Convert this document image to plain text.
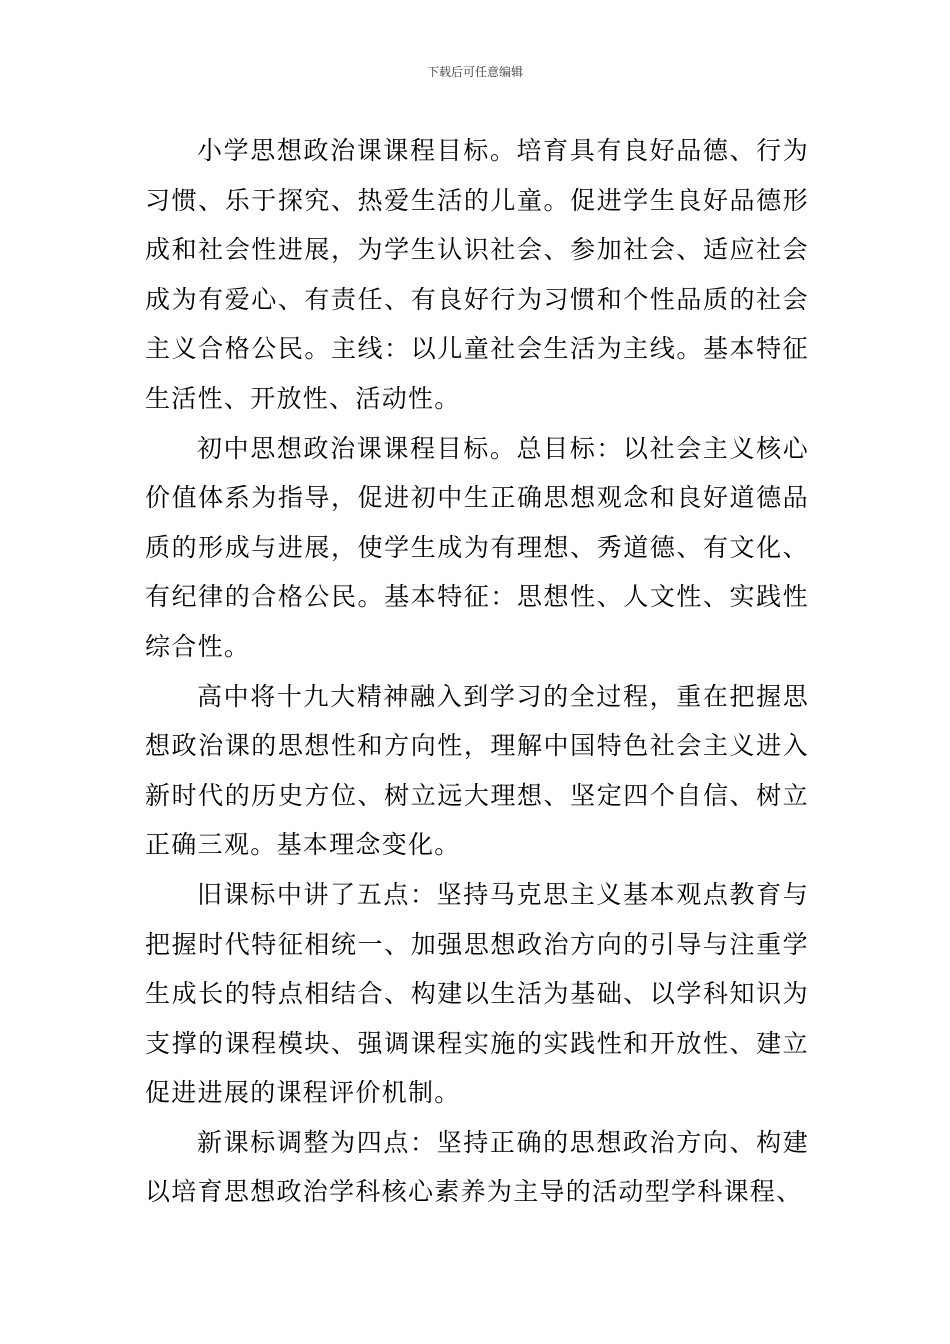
下载后可任意编辑

小学思想政治课课程目标。培育具有良好品德、行为习惯、乐于探究、热爱生活的儿童。促进学生良好品德形成和社会性进展，为学生认识社会、参加社会、适应社会成为有爱心、有责任、有良好行为习惯和个性品质的社会主义合格公民。主线：以儿童社会生活为主线。基本特征生活性、开放性、活动性。

初中思想政治课课程目标。总目标：以社会主义核心价值体系为指导，促进初中生正确思想观念和良好道德品质的形成与进展，使学生成为有理想、秀道德、有文化、有纪律的合格公民。基本特征：思想性、人文性、实践性综合性。

高中将十九大精神融入到学习的全过程，重在把握思想政治课的思想性和方向性，理解中国特色社会主义进入新时代的历史方位、树立远大理想、坚定四个自信、树立正确三观。基本理念变化。

旧课标中讲了五点：坚持马克思主义基本观点教育与把握时代特征相统一、加强思想政治方向的引导与注重学生成长的特点相结合、构建以生活为基础、以学科知识为支撑的课程模块、强调课程实施的实践性和开放性、建立促进进展的课程评价机制。

新课标调整为四点：坚持正确的思想政治方向、构建以培育思想政治学科核心素养为主导的活动型学科课程、
